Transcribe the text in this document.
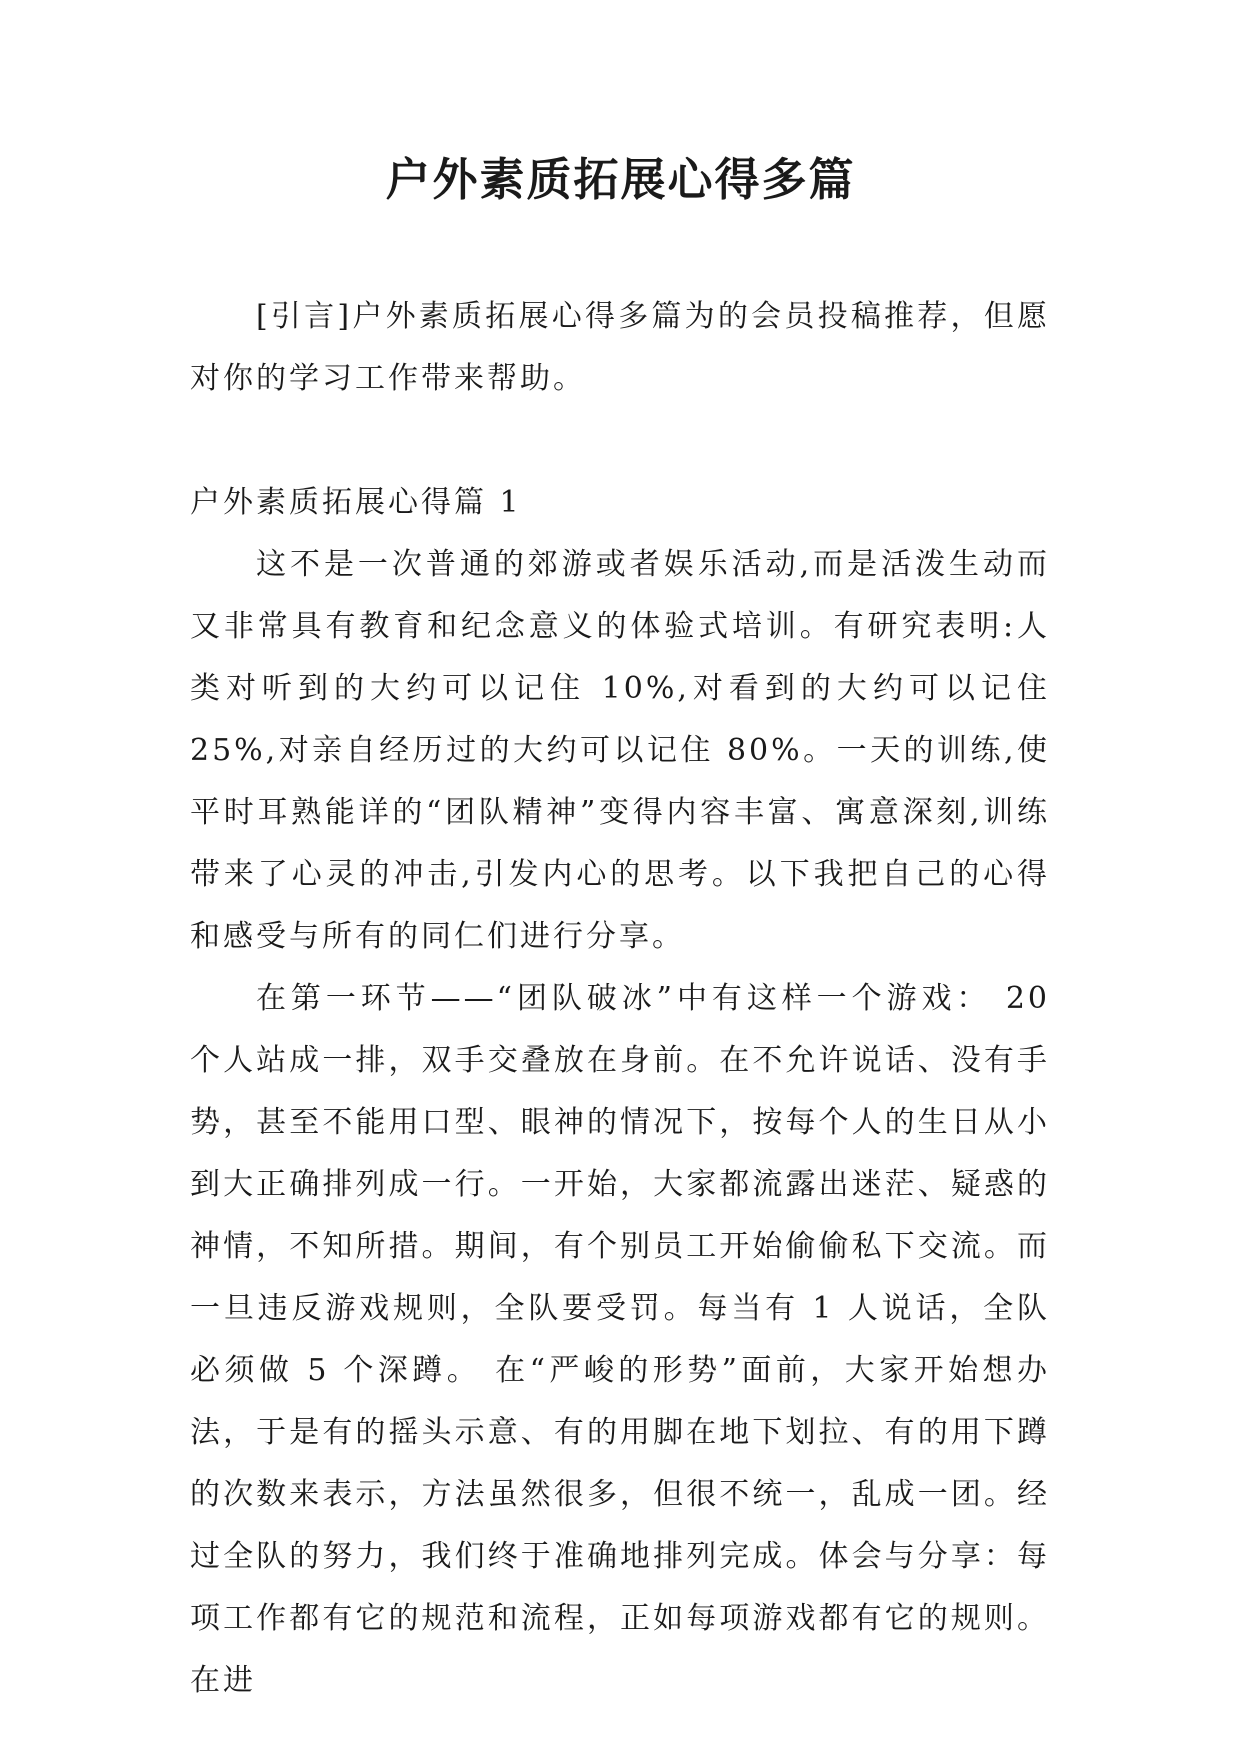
户外素质拓展心得多篇

[引言]户外素质拓展心得多篇为的会员投稿推荐，但愿对你的学习工作带来帮助。

户外素质拓展心得篇 1

这不是一次普通的郊游或者娱乐活动,而是活泼生动而又非常具有教育和纪念意义的体验式培训。有研究表明:人类对听到的大约可以记住 10%,对看到的大约可以记住 25%,对亲自经历过的大约可以记住 80%。一天的训练,使平时耳熟能详的“团队精神”变得内容丰富、寓意深刻,训练带来了心灵的冲击,引发内心的思考。以下我把自己的心得和感受与所有的同仁们进行分享。

在第一环节——“团队破冰”中有这样一个游戏： 20 个人站成一排，双手交叠放在身前。在不允许说话、没有手势，甚至不能用口型、眼神的情况下，按每个人的生日从小到大正确排列成一行。一开始，大家都流露出迷茫、疑惑的神情，不知所措。期间，有个别员工开始偷偷私下交流。而一旦违反游戏规则，全队要受罚。每当有 1 人说话，全队必须做 5 个深蹲。 在“严峻的形势”面前，大家开始想办法，于是有的摇头示意、有的用脚在地下划拉、有的用下蹲的次数来表示，方法虽然很多，但很不统一，乱成一团。经过全队的努力，我们终于准确地排列完成。体会与分享：每项工作都有它的规范和流程，正如每项游戏都有它的规则。在进
